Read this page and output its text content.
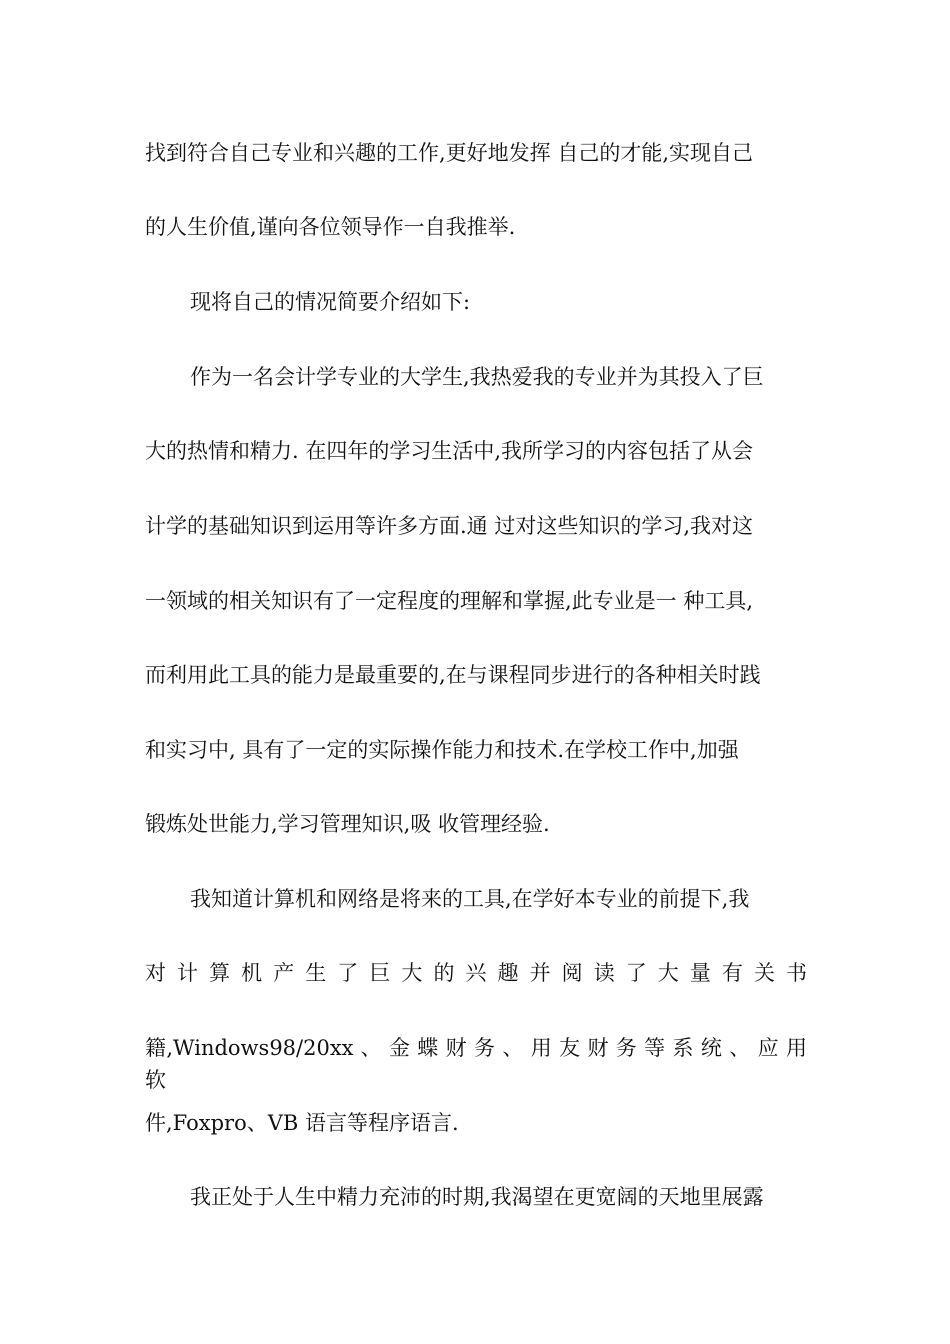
找到符合自己专业和兴趣的工作,更好地发挥 自己的才能,实现自己
的人生价值,谨向各位领导作一自我推举.
现将自己的情况简要介绍如下:
作为一名会计学专业的大学生,我热爱我的专业并为其投入了巨
大的热情和精力. 在四年的学习生活中,我所学习的内容包括了从会
计学的基础知识到运用等许多方面.通 过对这些知识的学习,我对这
一领域的相关知识有了一定程度的理解和掌握,此专业是一 种工具,
而利用此工具的能力是最重要的,在与课程同步进行的各种相关时践
和实习中, 具有了一定的实际操作能力和技术.在学校工作中,加强
锻炼处世能力,学习管理知识,吸 收管理经验.
我知道计算机和网络是将来的工具,在学好本专业的前提下,我
对 计 算 机 产 生 了 巨 大 的 兴 趣 并 阅 读 了 大 量 有 关 书
籍,Windows98/20xx 、 金 蝶 财 务 、 用 友 财 务 等 系 统 、 应 用 软
件,Foxpro、VB 语言等程序语言.
我正处于人生中精力充沛的时期,我渴望在更宽阔的天地里展露
